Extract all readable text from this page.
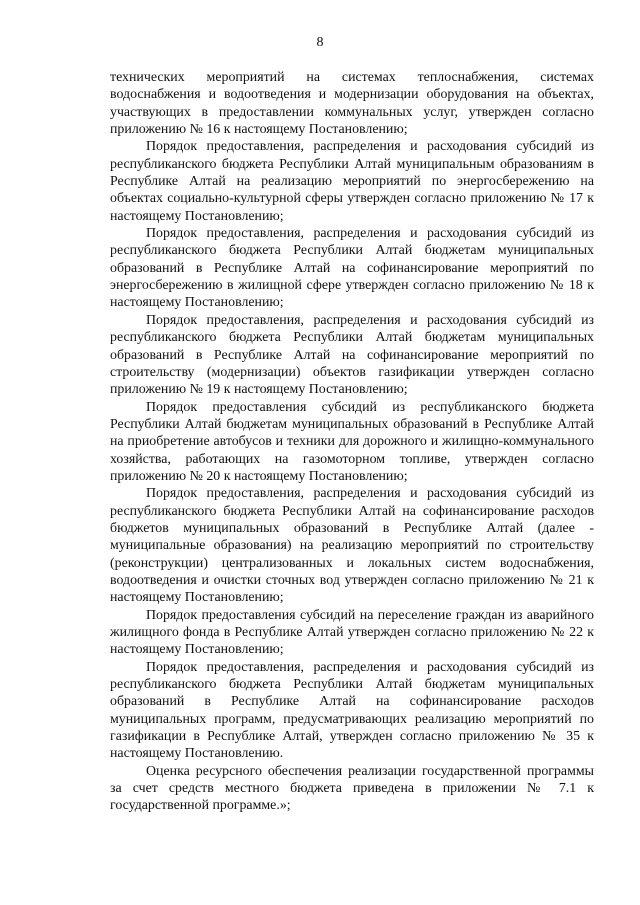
8

технических мероприятий на системах теплоснабжения, системах водоснабжения и водоотведения и модернизации оборудования на объектах, участвующих в предоставлении коммунальных услуг, утвержден согласно приложению № 16 к настоящему Постановлению;

Порядок предоставления, распределения и расходования субсидий из республиканского бюджета Республики Алтай муниципальным образованиям в Республике Алтай на реализацию мероприятий по энергосбережению на объектах социально-культурной сферы утвержден согласно приложению № 17 к настоящему Постановлению;

Порядок предоставления, распределения и расходования субсидий из республиканского бюджета Республики Алтай бюджетам муниципальных образований в Республике Алтай на софинансирование мероприятий по энергосбережению в жилищной сфере утвержден согласно приложению № 18 к настоящему Постановлению;

Порядок предоставления, распределения и расходования субсидий из республиканского бюджета Республики Алтай бюджетам муниципальных образований в Республике Алтай на софинансирование мероприятий по строительству (модернизации) объектов газификации утвержден согласно приложению № 19 к настоящему Постановлению;

Порядок предоставления субсидий из республиканского бюджета Республики Алтай бюджетам муниципальных образований в Республике Алтай на приобретение автобусов и техники для дорожного и жилищно-коммунального хозяйства, работающих на газомоторном топливе, утвержден согласно приложению № 20 к настоящему Постановлению;

Порядок предоставления, распределения и расходования субсидий из республиканского бюджета Республики Алтай на софинансирование расходов бюджетов муниципальных образований в Республике Алтай (далее - муниципальные образования) на реализацию мероприятий по строительству (реконструкции) централизованных и локальных систем водоснабжения, водоотведения и очистки сточных вод утвержден согласно приложению № 21 к настоящему Постановлению;

Порядок предоставления субсидий на переселение граждан из аварийного жилищного фонда в Республике Алтай утвержден согласно приложению № 22 к настоящему Постановлению;

Порядок предоставления, распределения и расходования субсидий из республиканского бюджета Республики Алтай бюджетам муниципальных образований в Республике Алтай на софинансирование расходов муниципальных программ, предусматривающих реализацию мероприятий по газификации в Республике Алтай, утвержден согласно приложению № 35 к настоящему Постановлению.

Оценка ресурсного обеспечения реализации государственной программы за счет средств местного бюджета приведена в приложении № 7.1 к государственной программе.»;
